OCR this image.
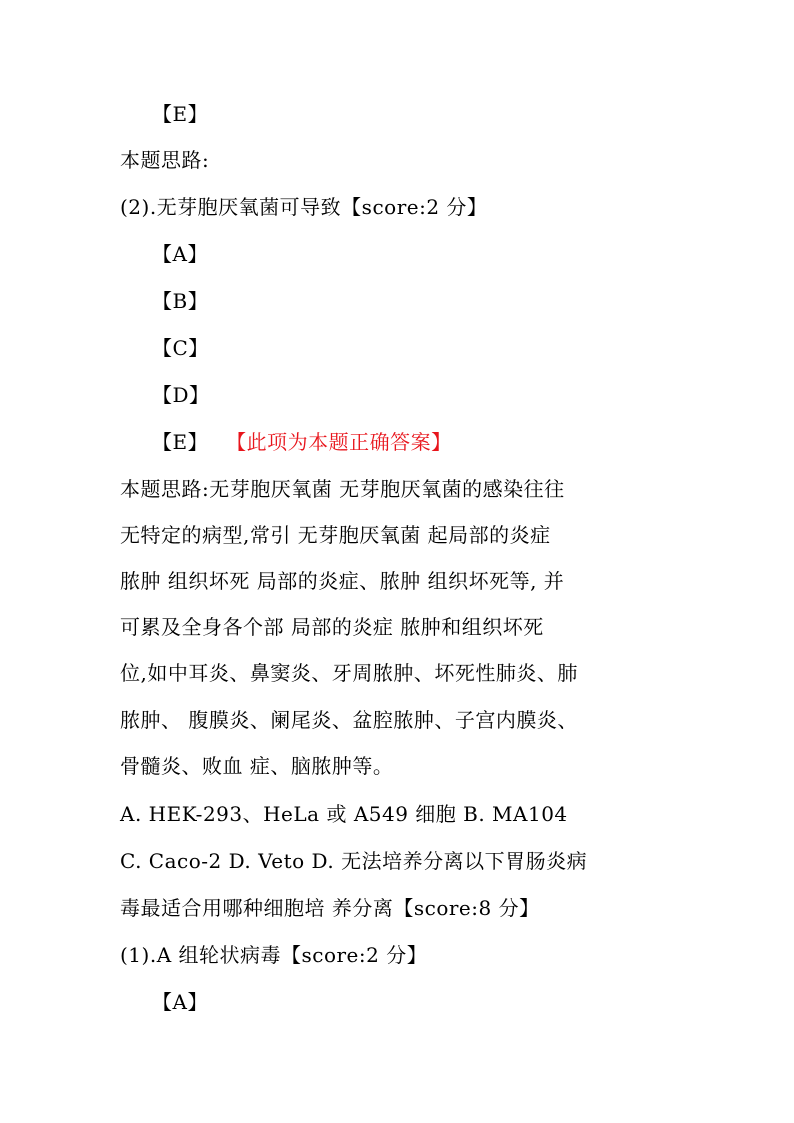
【E】
本题思路:
(2).无芽胞厌氧菌可导致【score:2 分】
【A】
【B】
【C】
【D】
【E】 【此项为本题正确答案】
本题思路:无芽胞厌氧菌 无芽胞厌氧菌的感染往往
无特定的病型,常引 无芽胞厌氧菌 起局部的炎症
脓肿 组织坏死 局部的炎症、脓肿 组织坏死等, 并
可累及全身各个部 局部的炎症 脓肿和组织坏死
位,如中耳炎、鼻窦炎、牙周脓肿、坏死性肺炎、肺
脓肿、 腹膜炎、阑尾炎、盆腔脓肿、子宫内膜炎、
骨髓炎、败血 症、脑脓肿等。
A. HEK-293、HeLa 或 A549 细胞 B. MA104
C. Caco-2 D. Veto D. 无法培养分离以下胃肠炎病
毒最适合用哪种细胞培 养分离【score:8 分】
(1).A 组轮状病毒【score:2 分】
【A】
